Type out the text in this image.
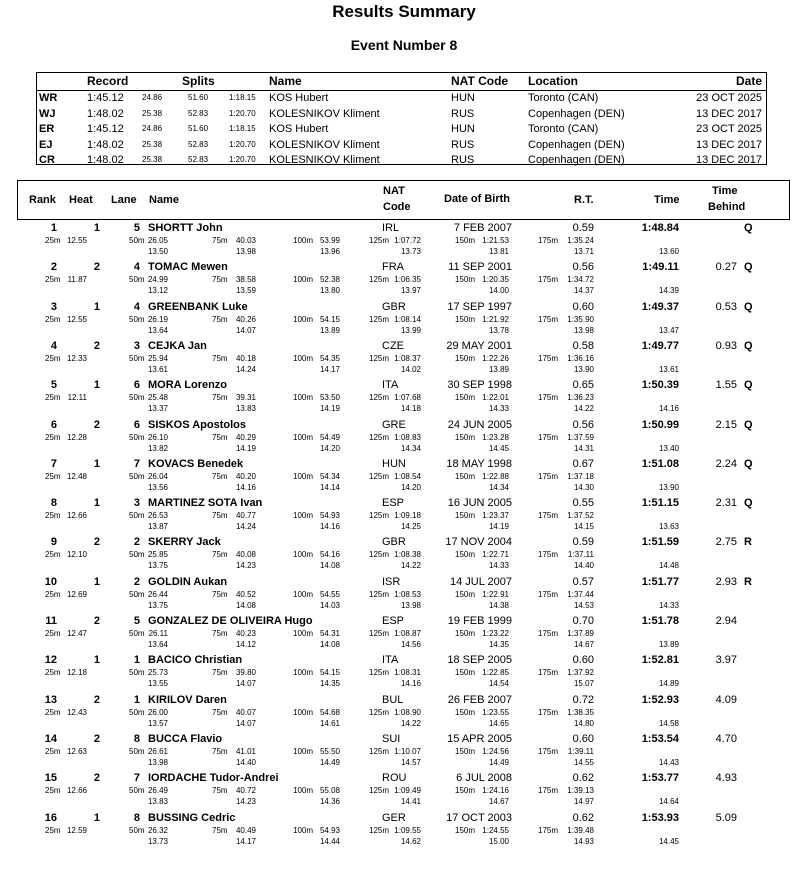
Results Summary
Event Number 8
Record	Splits	Name	NAT Code Location	Date
WR	1:45.12 24.86	51.60	1:18.15 KOS Hubert	HUN	Toronto (CAN)	23 OCT 2025
WJ	1:48.02 25.38	52.83	1:20.70 KOLESNIKOV Kliment	RUS	Copenhagen (DEN)	13 DEC 2017
ER	1:45.12 24.86	51.60	1:18.15 KOS Hubert	HUN	Toronto (CAN)	23 OCT 2025
EJ	1:48.02 25.38	52.83	1:20.70 KOLESNIKOV Kliment	RUS	Copenhagen (DEN)	13 DEC 2017
CR	1:48.02 25.38	52.83	1:20.70 KOLESNIKOV Kliment	RUS	Copenhagen (DEN)	13 DEC 2017
Rank Heat Lane Name
NAT
Code
Date of Birth	R.T.	Time
Time
Behind
1	1	5 SHORTT John	IRL	7 FEB 2007	0.59	1:48.84	Q
25m 12.55	50m 26.05	75m 40.03	100m 53.99	125m 1:07.72	150m 1:21.53	175m 1:35.24
13.50	13.98	13.96	13.73	13.81	13.71	13.60
2	2	4 TOMAC Mewen	FRA	11 SEP 2001	0.56	1:49.11	0.27 Q
25m 11.87	50m 24.99	75m 38.58	100m 52.38	125m 1:06.35	150m 1:20.35	175m 1:34.72
13.12	13.59	13.80	13.97	14.00	14.37	14.39
3	1	4 GREENBANK Luke	GBR	17 SEP 1997	0.60	1:49.37	0.53 Q
25m 12.55	50m 26.19	75m 40.26	100m 54.15	125m 1:08.14	150m 1:21.92	175m 1:35.90
13.64	14.07	13.89	13.99	13.78	13.98	13.47
4	2	3 CEJKA Jan	CZE	29 MAY 2001	0.58	1:49.77	0.93 Q
25m 12.33	50m 25.94	75m 40.18	100m 54.35	125m 1:08.37	150m 1:22.26	175m 1:36.16
13.61	14.24	14.17	14.02	13.89	13.90	13.61
5	1	6 MORA Lorenzo	ITA	30 SEP 1998	0.65	1:50.39	1.55 Q
25m 12.11	50m 25.48	75m 39.31	100m 53.50	125m 1:07.68	150m 1:22.01	175m 1:36.23
13.37	13.83	14.19	14.18	14.33	14.22	14.16
6	2	6 SISKOS Apostolos	GRE	24 JUN 2005	0.56	1:50.99	2.15 Q
25m 12.28	50m 26.10	75m 40.29	100m 54.49	125m 1:08.83	150m 1:23.28	175m 1:37.59
13.82	14.19	14.20	14.34	14.45	14.31	13.40
7	1	7 KOVACS Benedek	HUN	18 MAY 1998	0.67	1:51.08	2.24 Q
25m 12.48	50m 26.04	75m 40.20	100m 54.34	125m 1:08.54	150m 1:22.88	175m 1:37.18
13.56	14.16	14.14	14.20	14.34	14.30	13.90
8	1	3 MARTINEZ SOTA Ivan	ESP	16 JUN 2005	0.55	1:51.15	2.31 Q
25m 12.66	50m 26.53	75m 40.77	100m 54.93	125m 1:09.18	150m 1:23.37	175m 1:37.52
13.87	14.24	14.16	14.25	14.19	14.15	13.63
9	2	2 SKERRY Jack	GBR	17 NOV 2004	0.59	1:51.59	2.75 R
25m 12.10	50m 25.85	75m 40.08	100m 54.16	125m 1:08.38	150m 1:22.71	175m 1:37.11
13.75	14.23	14.08	14.22	14.33	14.40	14.48
10	1	2 GOLDIN Aukan	ISR	14 JUL 2007	0.57	1:51.77	2.93 R
25m 12.69	50m 26.44	75m 40.52	100m 54.55	125m 1:08.53	150m 1:22.91	175m 1:37.44
13.75	14.08	14.03	13.98	14.38	14.53	14.33
11	2	5 GONZALEZ DE OLIVEIRA Hugo	ESP	19 FEB 1999	0.70	1:51.78	2.94
25m 12.47	50m 26.11	75m 40.23	100m 54.31	125m 1:08.87	150m 1:23.22	175m 1:37.89
13.64	14.12	14.08	14.56	14.35	14.67	13.89
12	1	1 BACICO Christian	ITA	18 SEP 2005	0.60	1:52.81	3.97
25m 12.18	50m 25.73	75m 39.80	100m 54.15	125m 1:08.31	150m 1:22.85	175m 1:37.92
13.55	14.07	14.35	14.16	14.54	15.07	14.89
13	2	1 KIRILOV Daren	BUL	26 FEB 2007	0.72	1:52.93	4.09
25m 12.43	50m 26.00	75m 40.07	100m 54.68	125m 1:08.90	150m 1:23.55	175m 1:38.35
13.57	14.07	14.61	14.22	14.65	14.80	14.58
14	2	8 BUCCA Flavio	SUI	15 APR 2005	0.60	1:53.54	4.70
25m 12.63	50m 26.61	75m 41.01	100m 55.50	125m 1:10.07	150m 1:24.56	175m 1:39.11
13.98	14.40	14.49	14.57	14.49	14.55	14.43
15	2	7 IORDACHE Tudor-Andrei	ROU	6 JUL 2008	0.62	1:53.77	4.93
25m 12.66	50m 26.49	75m 40.72	100m 55.08	125m 1:09.49	150m 1:24.16	175m 1:39.13
13.83	14.23	14.36	14.41	14.67	14.97	14.64
16	1	8 BUSSING Cedric	GER	17 OCT 2003	0.62	1:53.93	5.09
25m 12.59	50m 26.32	75m 40.49	100m 54.93	125m 1:09.55	150m 1:24.55	175m 1:39.48
13.73	14.17	14.44	14.62	15.00	14.93	14.45
